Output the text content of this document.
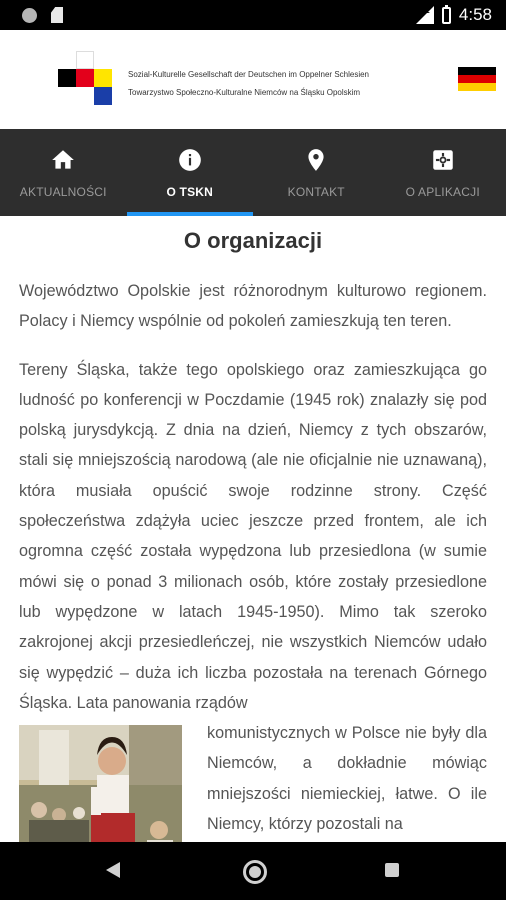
LTE 4:58
Sozial-Kulturelle Gesellschaft der Deutschen im Oppelner Schlesien
Towarzystwo Społeczno-Kulturalne Niemców na Śląsku Opolskim
AKTUALNOŚCI	O TSKN	KONTAKT	O APLIKACJI
O organizacji

Województwo Opolskie jest różnorodnym kulturowo regionem. Polacy i Niemcy wspólnie od pokoleń zamieszkują ten teren.

Tereny Śląska, także tego opolskiego oraz zamieszkująca go ludność po konferencji w Poczdamie (1945 rok) znalazły się pod polską jurysdykcją. Z dnia na dzień, Niemcy z tych obszarów, stali się mniejszością narodową (ale nie oficjalnie nie uznawaną), która musiała opuścić swoje rodzinne strony. Część społeczeństwa zdążyła uciec jeszcze przed frontem, ale ich ogromna część została wypędzona lub przesiedlona (w sumie mówi się o ponad 3 milionach osób, które zostały przesiedlone lub wypędzone w latach 1945-1950). Mimo tak szeroko zakrojonej akcji przesiedleńczej, nie wszystkich Niemców udało się wypędzić – duża ich liczba pozostała na terenach Górnego Śląska. Lata panowania rządów

komunistycznych w Polsce nie były dla Niemców, a dokładnie mówiąc mniejszości niemieckiej, łatwe. O ile Niemcy, którzy pozostali na
